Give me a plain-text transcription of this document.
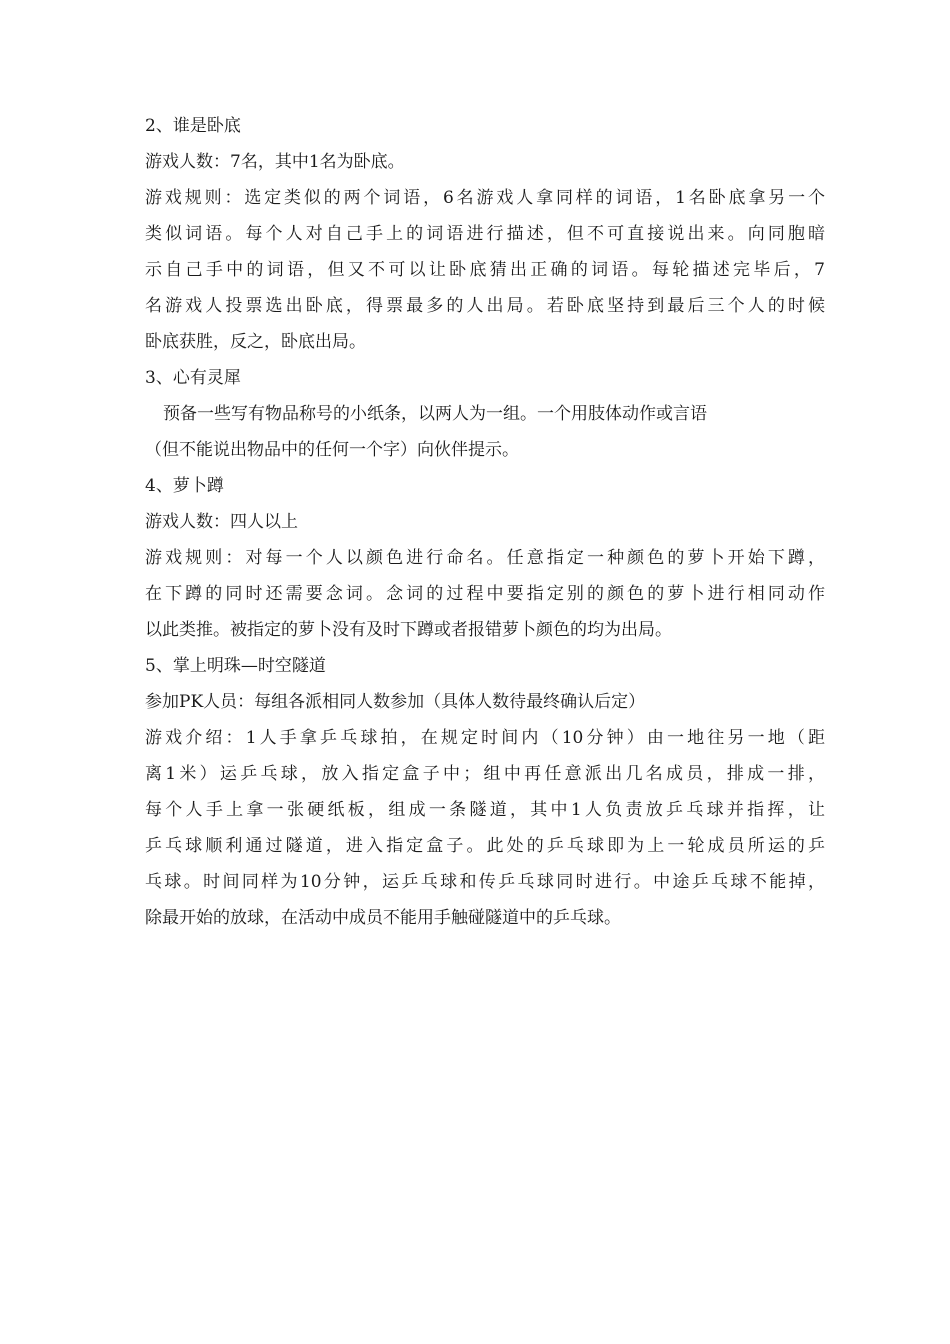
2、谁是卧底
游戏人数：7名，其中1名为卧底。
游戏规则：选定类似的两个词语，6名游戏人拿同样的词语，1名卧底拿另一个
类似词语。每个人对自己手上的词语进行描述，但不可直接说出来。向同胞暗
示自己手中的词语，但又不可以让卧底猜出正确的词语。每轮描述完毕后，7
名游戏人投票选出卧底，得票最多的人出局。若卧底坚持到最后三个人的时候
卧底获胜，反之，卧底出局。
3、心有灵犀
预备一些写有物品称号的小纸条，以两人为一组。一个用肢体动作或言语
（但不能说出物品中的任何一个字）向伙伴提示。
4、萝卜蹲
游戏人数：四人以上
游戏规则：对每一个人以颜色进行命名。任意指定一种颜色的萝卜开始下蹲，
在下蹲的同时还需要念词。念词的过程中要指定别的颜色的萝卜进行相同动作
以此类推。被指定的萝卜没有及时下蹲或者报错萝卜颜色的均为出局。
5、掌上明珠—时空隧道
参加PK人员：每组各派相同人数参加（具体人数待最终确认后定）
游戏介绍：1人手拿乒乓球拍，在规定时间内（10分钟）由一地往另一地（距
离1米）运乒乓球，放入指定盒子中；组中再任意派出几名成员，排成一排，
每个人手上拿一张硬纸板，组成一条隧道，其中1人负责放乒乓球并指挥，让
乒乓球顺利通过隧道，进入指定盒子。此处的乒乓球即为上一轮成员所运的乒
乓球。时间同样为10分钟，运乒乓球和传乒乓球同时进行。中途乒乓球不能掉，
除最开始的放球，在活动中成员不能用手触碰隧道中的乒乓球。
